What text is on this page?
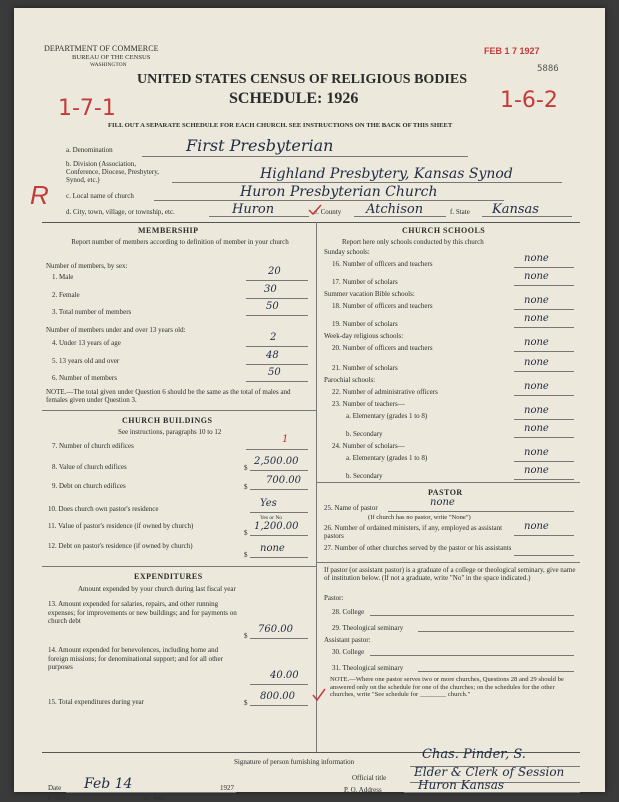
DEPARTMENT OF COMMERCE
BUREAU OF THE CENSUS
WASHINGTON
FEB 1 7 1927
5886
UNITED STATES CENSUS OF RELIGIOUS BODIES
SCHEDULE: 1926
1-7-1	1-6-2
R
FILL OUT A SEPARATE SCHEDULE FOR EACH CHURCH. SEE INSTRUCTIONS ON THE BACK OF THIS SHEET
a. Denomination	First Presbyterian
b. Division (Association, Conference, Diocese, Presbytery, Synod, etc.)	Highland Presbytery, Kansas Synod
c. Local name of church	Huron Presbyterian Church
d. City, town, village, or township, etc.	Huron	e. County Atchison	f. State Kansas
MEMBERSHIP
Report number of members according to definition of member in your church
Number of members, by sex:
1. Male	20
2. Female	30
3. Total number of members	50
Number of members under and over 13 years old:
4. Under 13 years of age	2
5. 13 years old and over	48
6. Number of members	50
NOTE.—The total given under Question 6 should be the same as the total of males and females given under Question 3.
CHURCH BUILDINGS
See instructions, paragraphs 10 to 12
7. Number of church edifices
1
8. Value of church edifices	$
2,500.00
9. Debt on church edifices	$
700.00
10. Does church own pastor's residence	Yes
Yes or No
11. Value of pastor's residence (if owned by church)
$
1,200.00
12. Debt on pastor's residence (if owned by church)
$
none
EXPENDITURES
Amount expended by your church during last fiscal year
13. Amount expended for salaries, repairs, and other running expenses; for improvements or new buildings; and for payments on church debt
$
760.00
14. Amount expended for benevolences, including home and foreign missions; for denominational support; and for all other purposes
40.00
15. Total expenditures during year	$
800.00
CHURCH SCHOOLS
Report here only schools conducted by this church
Sunday schools:
16. Number of officers and teachers	none
17. Number of scholars	none
Summer vacation Bible schools:
18. Number of officers and teachers	none
19. Number of scholars	none
Week-day religious schools:
20. Number of officers and teachers	none
21. Number of scholars	none
Parochial schools:
22. Number of administrative officers	none
23. Number of teachers—
a. Elementary (grades 1 to 8)	none
b. Secondary	none
24. Number of scholars—
a. Elementary (grades 1 to 8)	none
b. Secondary	none
PASTOR
25. Name of pastor	none
(If church has no pastor, write "None")
26. Number of ordained ministers, if any, employed as assistant pastors
none
27. Number of other churches served by the pastor or his assistants
If pastor (or assistant pastor) is a graduate of a college or theological seminary, give name of institution below. (If not a graduate, write "No" in the space indicated.)
Pastor:
28. College
29. Theological seminary
Assistant pastor:
30. College
31. Theological seminary
NOTE.—Where one pastor serves two or more churches, Questions 28 and 29 should be answered only on the schedule for one of the churches; on the schedules for the other churches, write "See schedule for ________ church."
Signature of person furnishing information	Chas. Pinder, S.
Official title Elder & Clerk of Session
Date Feb 14	1927	P. O. Address	Huron Kansas
8—5518 a	11—9084
